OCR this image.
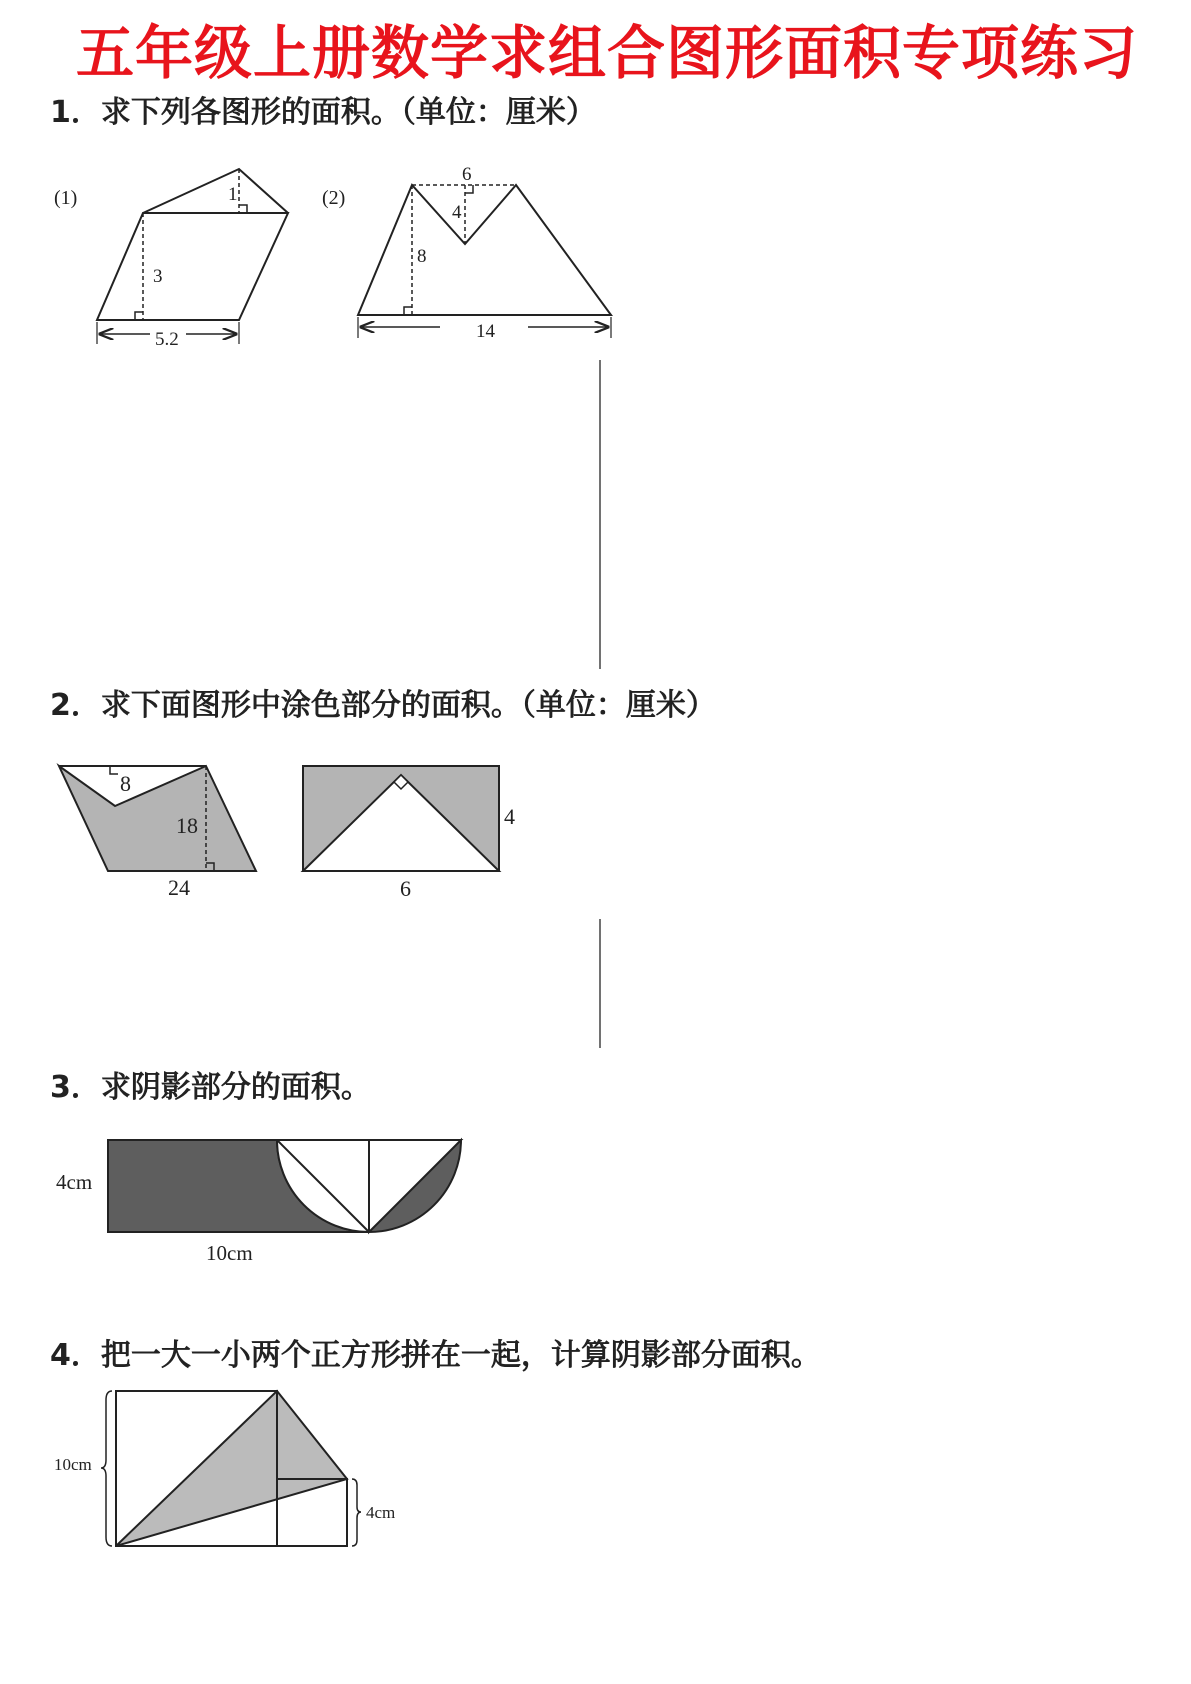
五年级上册数学求组合图形面积专项练习
1．求下列各图形的面积。（单位：厘米）
2．求下面图形中涂色部分的面积。（单位：厘米）
3．求阴影部分的面积。
4．把一大一小两个正方形拼在一起，计算阴影部分面积。
(1)
3
1
5.2
(2)
6
4
8
14
8
18
24
4
6
4cm
10cm
10cm
4cm
